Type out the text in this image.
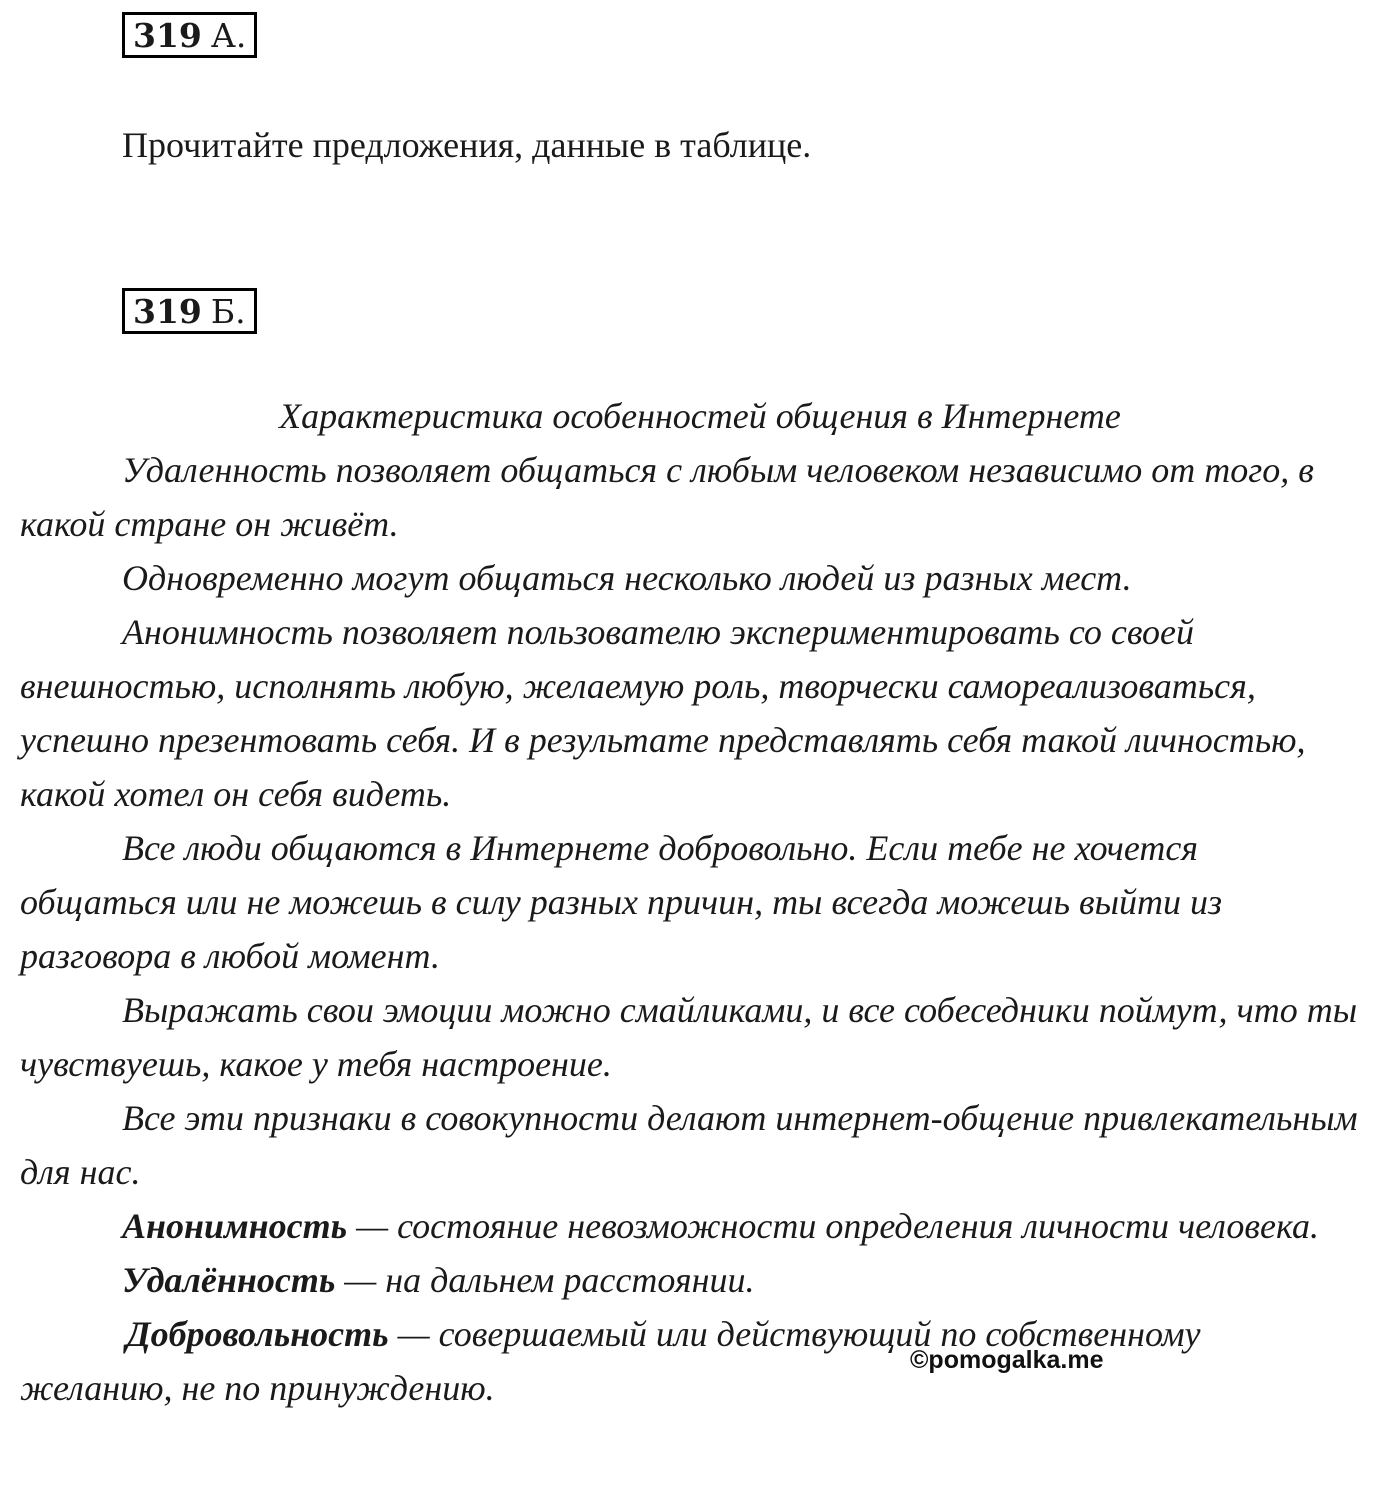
319 А.
Прочитайте предложения, данные в таблице.
319 Б.
Характеристика особенностей общения в Интернете

Удаленность позволяет общаться с любым человеком независимо от того, в какой стране он живёт.

Одновременно могут общаться несколько людей из разных мест.

Анонимность позволяет пользователю экспериментировать со своей внешностью, исполнять любую, желаемую роль, творчески самореализоваться, успешно презентовать себя. И в результате представлять себя такой личностью, какой хотел он себя видеть.

Все люди общаются в Интернете добровольно. Если тебе не хочется общаться или не можешь в силу разных причин, ты всегда можешь выйти из разговора в любой момент.

Выражать свои эмоции можно смайликами, и все собеседники поймут, что ты чувствуешь, какое у тебя настроение.

Все эти признаки в совокупности делают интернет-общение привлекательным для нас.

Анонимность — состояние невозможности определения личности человека.

Удалённость — на дальнем расстоянии.

Добровольность — совершаемый или действующий по собственному желанию, не по принуждению.

©pomogalka.me
